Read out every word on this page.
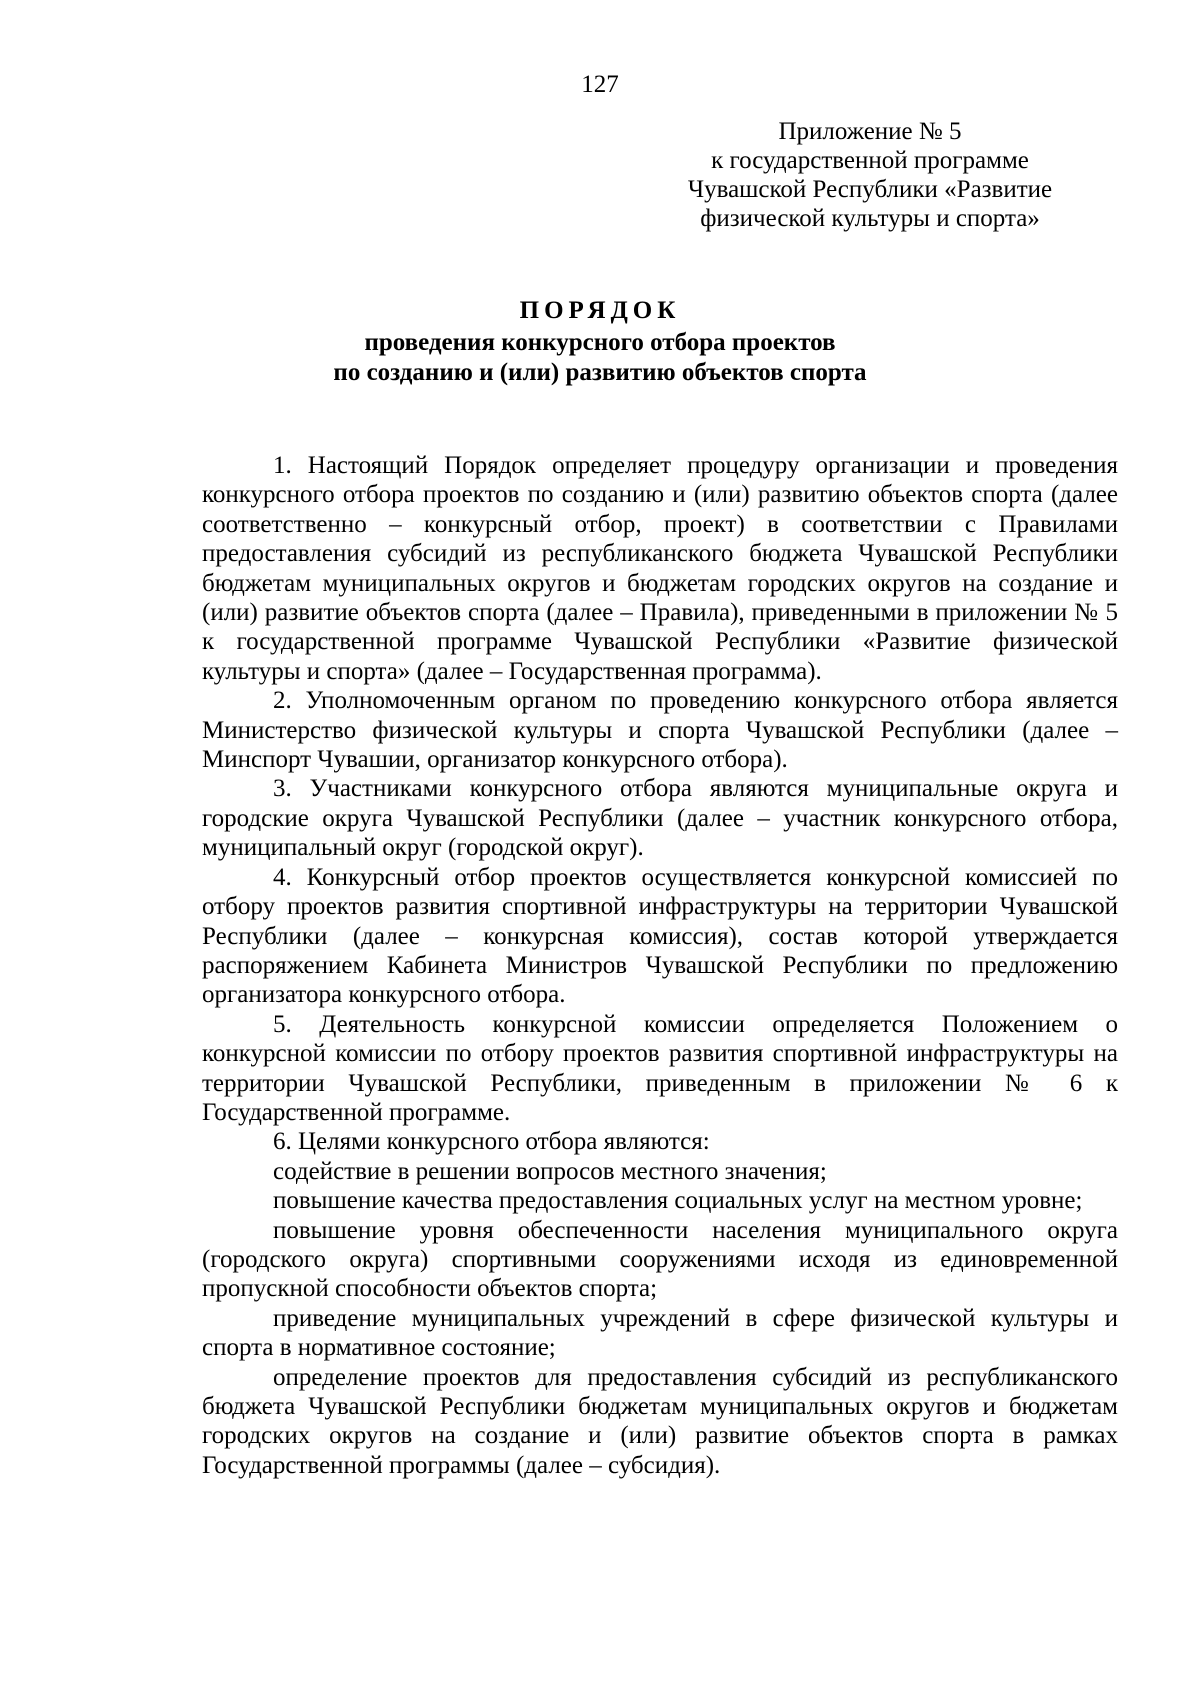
127
Приложение № 5
к государственной программе
Чувашской Республики «Развитие
физической культуры и спорта»
ПОРЯДОК
проведения конкурсного отбора проектов
по созданию и (или) развитию объектов спорта

1. Настоящий Порядок определяет процедуру организации и проведения конкурсного отбора проектов по созданию и (или) развитию объектов спорта (далее соответственно – конкурсный отбор, проект) в соответствии с Правилами предоставления субсидий из республиканского бюджета Чувашской Республики бюджетам муниципальных округов и бюджетам городских округов на создание и (или) развитие объектов спорта (далее – Правила), приведенными в приложении № 5 к государственной программе Чувашской Республики «Развитие физической культуры и спорта» (далее – Государственная программа).

2. Уполномоченным органом по проведению конкурсного отбора является Министерство физической культуры и спорта Чувашской Республики (далее – Минспорт Чувашии, организатор конкурсного отбора).

3. Участниками конкурсного отбора являются муниципальные округа и городские округа Чувашской Республики (далее – участник конкурсного отбора, муниципальный округ (городской округ).

4. Конкурсный отбор проектов осуществляется конкурсной комиссией по отбору проектов развития спортивной инфраструктуры на территории Чувашской Республики (далее – конкурсная комиссия), состав которой утверждается распоряжением Кабинета Министров Чувашской Республики по предложению организатора конкурсного отбора.

5. Деятельность конкурсной комиссии определяется Положением о конкурсной комиссии по отбору проектов развития спортивной инфраструктуры на территории Чувашской Республики, приведенным в приложении № 6 к Государственной программе.

6. Целями конкурсного отбора являются:

содействие в решении вопросов местного значения;

повышение качества предоставления социальных услуг на местном уровне;

повышение уровня обеспеченности населения муниципального округа (городского округа) спортивными сооружениями исходя из единовременной пропускной способности объектов спорта;

приведение муниципальных учреждений в сфере физической культуры и спорта в нормативное состояние;

определение проектов для предоставления субсидий из республиканского бюджета Чувашской Республики бюджетам муниципальных округов и бюджетам городских округов на создание и (или) развитие объектов спорта в рамках Государственной программы (далее – субсидия).
